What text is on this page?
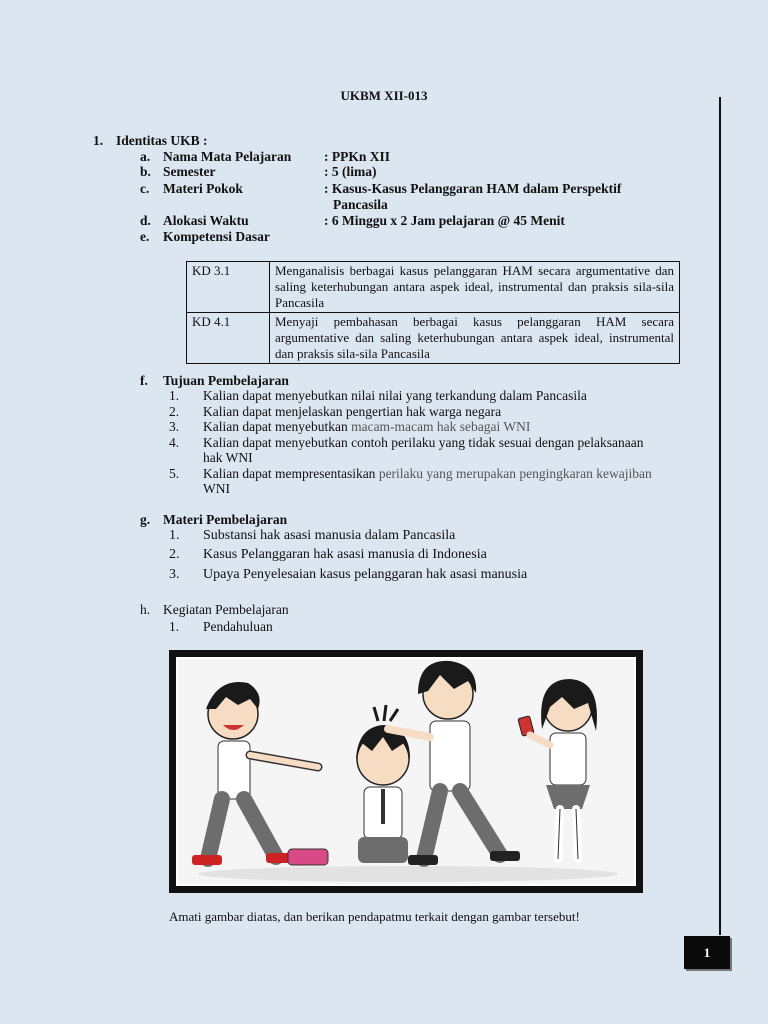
UKBM XII-013
1. Identitas UKB :
a. Nama Mata Pelajaran : PPKn XII
b. Semester	: 5 (lima)
c. Materi Pokok	: Kasus-Kasus Pelanggaran HAM dalam Perspektif
Pancasila
d. Alokasi Waktu	: 6 Minggu x 2 Jam pelajaran @ 45 Menit
e. Kompetensi Dasar
KD 3.1	Menganalisis berbagai kasus pelanggaran HAM secara argumentative dan saling keterhubungan antara aspek ideal, instrumental dan praksis sila-sila Pancasila
KD 4.1	Menyaji pembahasan berbagai kasus pelanggaran HAM secara argumentative dan saling keterhubungan antara aspek ideal, instrumental dan praksis sila-sila Pancasila
f. Tujuan Pembelajaran
1. Kalian dapat menyebutkan nilai nilai yang terkandung dalam Pancasila
2. Kalian dapat menjelaskan pengertian hak warga negara
3. Kalian dapat menyebutkan macam-macam hak sebagai WNI
4. Kalian dapat menyebutkan contoh perilaku yang tidak sesuai dengan pelaksanaan
hak WNI
5. Kalian dapat mempresentasikan perilaku yang merupakan pengingkaran kewajiban
WNI
g. Materi Pembelajaran
1. Substansi hak asasi manusia dalam Pancasila
2. Kasus Pelanggaran hak asasi manusia di Indonesia
3. Upaya Penyelesaian kasus pelanggaran hak asasi manusia
h. Kegiatan Pembelajaran
1. Pendahuluan
Amati gambar diatas, dan berikan pendapatmu terkait dengan gambar tersebut!
1
